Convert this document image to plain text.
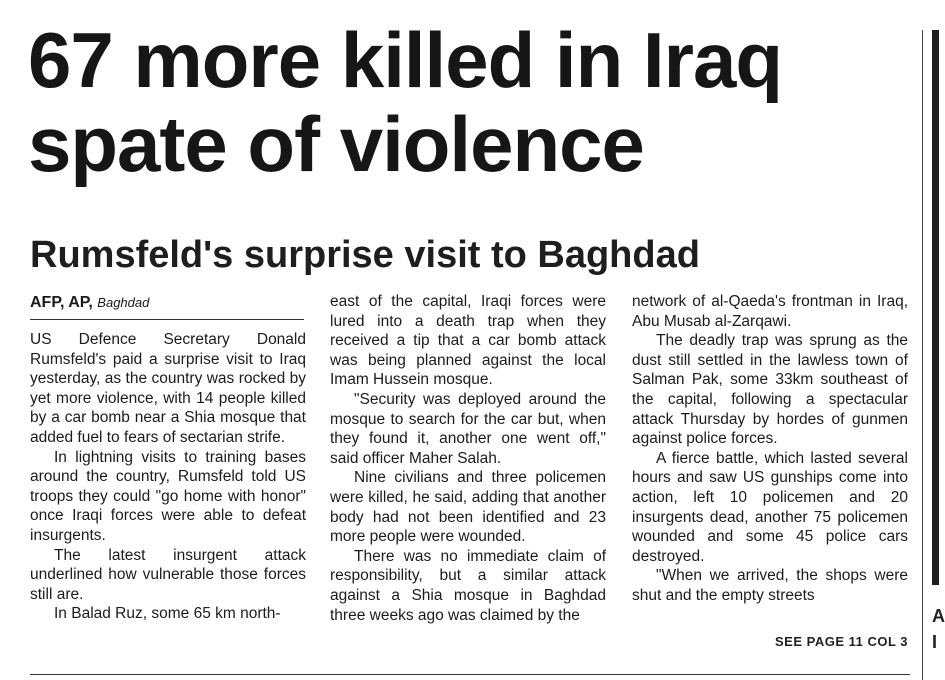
67 more killed in Iraq spate of violence
Rumsfeld's surprise visit to Baghdad
AFP, AP, Baghdad

US Defence Secretary Donald Rumsfeld's paid a surprise visit to Iraq yesterday, as the country was rocked by yet more violence, with 14 people killed by a car bomb near a Shia mosque that added fuel to fears of sectarian strife.

In lightning visits to training bases around the country, Rumsfeld told US troops they could "go home with honor" once Iraqi forces were able to defeat insurgents.

The latest insurgent attack underlined how vulnerable those forces still are.

In Balad Ruz, some 65 km north-

east of the capital, Iraqi forces were lured into a death trap when they received a tip that a car bomb attack was being planned against the local Imam Hussein mosque.

"Security was deployed around the mosque to search for the car but, when they found it, another one went off," said officer Maher Salah.

Nine civilians and three policemen were killed, he said, adding that another body had not been identified and 23 more people were wounded.

There was no immediate claim of responsibility, but a similar attack against a Shia mosque in Baghdad three weeks ago was claimed by the

network of al-Qaeda's frontman in Iraq, Abu Musab al-Zarqawi.

The deadly trap was sprung as the dust still settled in the lawless town of Salman Pak, some 33km southeast of the capital, following a spectacular attack Thursday by hordes of gunmen against police forces.

A fierce battle, which lasted several hours and saw US gunships come into action, left 10 policemen and 20 insurgents dead, another 75 policemen wounded and some 45 police cars destroyed.

"When we arrived, the shops were shut and the empty streets

SEE PAGE 11 COL 3
A
I
